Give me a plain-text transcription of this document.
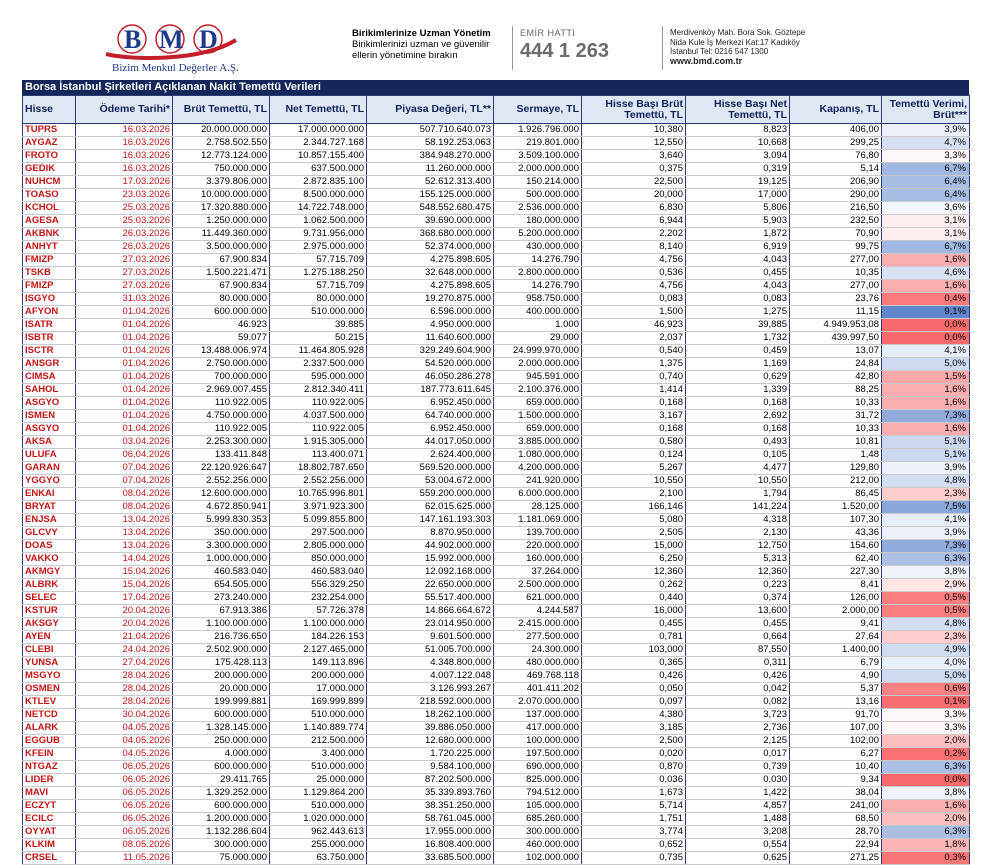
B M D
Bizim Menkul Değerler A.Ş.
Birikimlerinize Uzman Yönetim
Birikimlerinizi uzman ve güvenilir ellerin yönetimine bırakın
EMİR HATTI
444 1 263
Merdivenköy Mah. Bora Sok. Göztepe
Nida Kule İş Merkezi Kat:17 Kadıköy
İstanbul Tel: 0216 547 1300
www.bmd.com.tr
Borsa İstanbul Şirketleri Açıklanan Nakit Temettü Verileri
Hisse	Ödeme Tarihi*	Brüt Temettü, TL	Net Temettü, TL	Piyasa Değeri, TL**	Sermaye, TL	Hisse Başı Brüt Temettü, TL	Hisse Başı Net Temettü, TL	Kapanış, TL	Temettü Verimi, Brüt***
TUPRS	16.03.2026	20.000.000.000	17.000.000.000	507.710.640.073	1.926.796.000	10,380	8,823	406,00	3,9%
AYGAZ	16.03.2026	2.758.502.550	2.344.727.168	58.192.253.063	219.801.000	12,550	10,668	299,25	4,7%
FROTO	16.03.2026	12.773.124.000	10.857.155.400	384.948.270.000	3.509.100.000	3,640	3,094	76,80	3,3%
GEDIK	16.03.2026	750.000.000	637.500.000	11.260.000.000	2.000.000.000	0,375	0,319	5,14	6,7%
NUHCM	17.03.2026	3.379.806.000	2.872.835.100	52.612.313.400	150.214.000	22,500	19,125	206,90	6,4%
TOASO	23.03.2026	10.000.000.000	8.500.000.000	155.125.000.000	500.000.000	20,000	17,000	290,00	6,4%
KCHOL	25.03.2026	17.320.880.000	14.722.748.000	548.552.680.475	2.536.000.000	6,830	5,806	216,50	3,6%
AGESA	25.03.2026	1.250.000.000	1.062.500.000	39.690.000.000	180.000.000	6,944	5,903	232,50	3,1%
AKBNK	26.03.2026	11.449.360.000	9.731.956.000	368.680.000.000	5.200.000.000	2,202	1,872	70,90	3,1%
ANHYT	26.03.2026	3.500.000.000	2.975.000.000	52.374.000.000	430.000.000	8,140	6,919	99,75	6,7%
FMIZP	27.03.2026	67.900.834	57.715.709	4.275.898.605	14.276.790	4,756	4,043	277,00	1,6%
TSKB	27.03.2026	1.500.221.471	1.275.188.250	32.648.000.000	2.800.000.000	0,536	0,455	10,35	4,6%
FMIZP	27.03.2026	67.900.834	57.715.709	4.275.898.605	14.276.790	4,756	4,043	277,00	1,6%
ISGYO	31.03.2026	80.000.000	80.000.000	19.270.875.000	958.750.000	0,083	0,083	23,76	0,4%
AFYON	01.04.2026	600.000.000	510.000.000	6.596.000.000	400.000.000	1,500	1,275	11,15	9,1%
ISATR	01.04.2026	46.923	39.885	4.950.000.000	1.000	46,923	39,885	4.949.953,08	0,0%
ISBTR	01.04.2026	59.077	50.215	11.640.600.000	29.000	2,037	1,732	439.997,50	0,0%
ISCTR	01.04.2026	13.488.006.974	11.464.805.928	329.249.604.900	24.999.970.000	0,540	0,459	13,07	4,1%
ANSGR	01.04.2026	2.750.000.000	2.337.500.000	54.520.000.000	2.000.000.000	1,375	1,169	24,84	5,0%
CIMSA	01.04.2026	700.000.000	595.000.000	46.050.286.278	945.591.000	0,740	0,629	42,80	1,5%
SAHOL	01.04.2026	2.969.007.455	2.812.340.411	187.773.611.645	2.100.376.000	1,414	1,339	88,25	1,6%
ASGYO	01.04.2026	110.922.005	110.922.005	6.952.450.000	659.000.000	0,168	0,168	10,33	1,6%
ISMEN	01.04.2026	4.750.000.000	4.037.500.000	64.740.000.000	1.500.000.000	3,167	2,692	31,72	7,3%
ASGYO	01.04.2026	110.922.005	110.922.005	6.952.450.000	659.000.000	0,168	0,168	10,33	1,6%
AKSA	03.04.2026	2.253.300.000	1.915.305.000	44.017.050.000	3.885.000.000	0,580	0,493	10,81	5,1%
ULUFA	06.04.2026	133.411.848	113.400.071	2.624.400.000	1.080.000.000	0,124	0,105	1,48	5,1%
GARAN	07.04.2026	22.120.926.647	18.802.787.650	569.520.000.000	4.200.000.000	5,267	4,477	129,80	3,9%
YGGYO	07.04.2026	2.552.256.000	2.552.256.000	53.004.672.000	241.920.000	10,550	10,550	212,00	4,8%
ENKAI	08.04.2026	12.600.000.000	10.765.996.801	559.200.000.000	6.000.000.000	2,100	1,794	86,45	2,3%
BRYAT	08.04.2026	4.672.850.941	3.971.923.300	62.015.625.000	28.125.000	166,146	141,224	1.520,00	7,5%
ENJSA	13.04.2026	5.999.830.353	5.099.855.800	147.161.193.303	1.181.069.000	5,080	4,318	107,30	4,1%
GLCVY	13.04.2026	350.000.000	297.500.000	8.870.950.000	139.700.000	2,505	2,130	43,36	3,9%
DOAS	13.04.2026	3.300.000.000	2.805.000.000	44.902.000.000	220.000.000	15,000	12,750	154,60	7,3%
VAKKO	14.04.2026	1.000.000.000	850.000.000	15.992.000.000	160.000.000	6,250	5,313	62,40	6,3%
AKMGY	15.04.2026	460.583.040	460.583.040	12.092.168.000	37.264.000	12,360	12,360	227,30	3,8%
ALBRK	15.04.2026	654.505.000	556.329.250	22.650.000.000	2.500.000.000	0,262	0,223	8,41	2,9%
SELEC	17.04.2026	273.240.000	232.254.000	55.517.400.000	621.000.000	0,440	0,374	126,00	0,5%
KSTUR	20.04.2026	67.913.386	57.726.378	14.866.664.672	4.244.587	16,000	13,600	2.000,00	0,5%
AKSGY	20.04.2026	1.100.000.000	1.100.000.000	23.014.950.000	2.415.000.000	0,455	0,455	9,41	4,8%
AYEN	21.04.2026	216.736.650	184.226.153	9.601.500.000	277.500.000	0,781	0,664	27,64	2,3%
CLEBI	24.04.2026	2.502.900.000	2.127.465.000	51.005.700.000	24.300.000	103,000	87,550	1.400,00	4,9%
YUNSA	27.04.2026	175.428.113	149.113.896	4.348.800.000	480.000.000	0,365	0,311	6,79	4,0%
MSGYO	28.04.2026	200.000.000	200.000.000	4.007.122.048	469.768.118	0,426	0,426	4,90	5,0%
OSMEN	28.04.2026	20.000.000	17.000.000	3.126.993.267	401.411.202	0,050	0,042	5,37	0,6%
KTLEV	28.04.2026	199.999.881	169.999.899	218.592.000.000	2.070.000.000	0,097	0,082	13,16	0,1%
NETCD	30.04.2026	600.000.000	510.000.000	18.262.100.000	137.000.000	4,380	3,723	91,70	3,3%
ALARK	04.05.2026	1.328.145.000	1.140.889.774	39.886.050.000	417.000.000	3,185	2,736	107,00	3,3%
EGGUB	04.05.2026	250.000.000	212.500.000	12.680.000.000	100.000.000	2,500	2,125	102,00	2,0%
KFEIN	04.05.2026	4.000.000	3.400.000	1.720.225.000	197.500.000	0,020	0,017	6,27	0,2%
NTGAZ	06.05.2026	600.000.000	510.000.000	9.584.100.000	690.000.000	0,870	0,739	10,40	6,3%
LIDER	06.05.2026	29.411.765	25.000.000	87.202.500.000	825.000.000	0,036	0,030	9,34	0,0%
MAVI	06.05.2026	1.329.252.000	1.129.864.200	35.339.893.760	794.512.000	1,673	1,422	38,04	3,8%
ECZYT	06.05.2026	600.000.000	510.000.000	38.351.250.000	105.000.000	5,714	4,857	241,00	1,6%
ECILC	06.05.2026	1.200.000.000	1.020.000.000	58.761.045.000	685.260.000	1,751	1,488	68,50	2,0%
OYYAT	06.05.2026	1.132.286.604	962.443.613	17.955.000.000	300.000.000	3,774	3,208	28,70	6,3%
KLKIM	08.05.2026	300.000.000	255.000.000	16.808.400.000	460.000.000	0,652	0,554	22,94	1,8%
CRSEL	11.05.2026	75.000.000	63.750.000	33.685.500.000	102.000.000	0,735	0,625	271,25	0,3%
